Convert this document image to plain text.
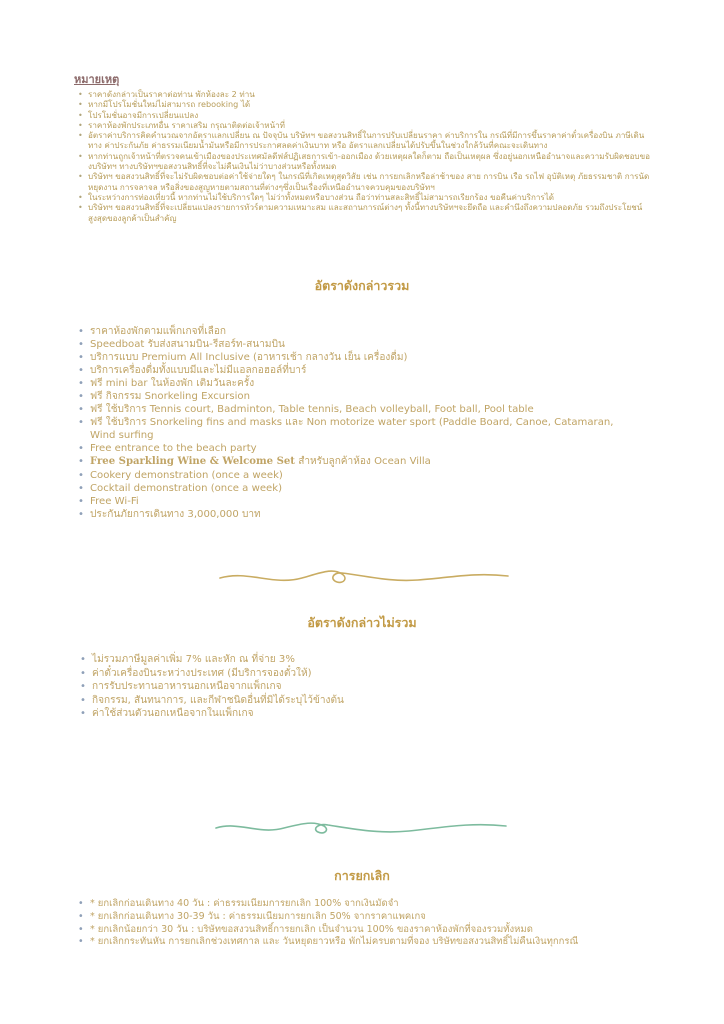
หมายเหตุ
• ราคาดังกล่าวเป็นราคาต่อท่าน พักห้องละ 2 ท่าน
• หากมีโปรโมชั่นใหม่ไม่สามารถ rebooking ได้
• โปรโมชั่นอาจมีการเปลี่ยนแปลง
• ราคาห้องพักประเภทอื่น ราคาเสริม กรุณาติดต่อเจ้าหน้าที่
• อัตราค่าบริการคิดคำนวณจากอัตราแลกเปลี่ยน ณ ปัจจุบัน บริษัทฯ ขอสงวนสิทธิ์ในการปรับเปลี่ยนราคา ค่าบริการใน กรณีที่มีการขึ้นราคาค่าตั๋วเครื่องบิน ภาษีเดินทาง ค่าประกันภัย ค่าธรรมเนียมน้ำมันหรือมีการประกาศลดค่าเงินบาท หรือ อัตราแลกเปลี่ยนได้ปรับขึ้นในช่วงใกล้วันที่คณะจะเดินทาง
• หากท่านถูกเจ้าหน้าที่ตรวจคนเข้าเมืองของประเทศมัลดีฟส์ปฏิเสธการเข้า-ออกเมือง ด้วยเหตุผลใดก็ตาม ถือเป็นเหตุผล ซึ่งอยู่นอกเหนืออำนาจและความรับผิดชอบของบริษัทฯ ทางบริษัทฯขอสงวนสิทธิ์ที่จะไม่คืนเงินไม่ว่าบางส่วนหรือทั้งหมด
• บริษัทฯ ขอสงวนสิทธิ์ที่จะไม่รับผิดชอบต่อค่าใช้จ่ายใดๆ ในกรณีที่เกิดเหตุสุดวิสัย เช่น การยกเลิกหรือล่าช้าของ สาย การบิน เรือ รถไฟ อุบัติเหตุ ภัยธรรมชาติ การนัดหยุดงาน การจลาจล หรือสิ่งของสูญหายตามสถานที่ต่างๆซึ่งเป็นเรื่องที่เหนืออำนาจควบคุมของบริษัทฯ
• ในระหว่างการท่องเที่ยวนี้ หากท่านไม่ใช้บริการใดๆ ไม่ว่าทั้งหมดหรือบางส่วน ถือว่าท่านสละสิทธิ์ไม่สามารถเรียกร้อง ขอคืนค่าบริการได้
• บริษัทฯ ขอสงวนสิทธิ์ที่จะเปลี่ยนแปลงรายการทัวร์ตามความเหมาะสม และสถานการณ์ต่างๆ ทั้งนี้ทางบริษัทฯจะยึดถือ และคำนึงถึงความปลอดภัย รวมถึงประโยชน์สูงสุดของลูกค้าเป็นสำคัญ
อัตราดังกล่าวรวม
• ราคาห้องพักตามแพ็กเกจที่เลือก
• Speedboat รับส่งสนามบิน-รีสอร์ท-สนามบิน
• บริการแบบ Premium All Inclusive (อาหารเช้า กลางวัน เย็น เครื่องดื่ม)
• บริการเครื่องดื่มทั้งแบบมีและไม่มีแอลกอฮอล์ที่บาร์
• ฟรี mini bar ในห้องพัก เติมวันละครั้ง
• ฟรี กิจกรรม Snorkeling Excursion
• ฟรี ใช้บริการ Tennis court, Badminton, Table tennis, Beach volleyball, Foot ball, Pool table
• ฟรี ใช้บริการ Snorkeling fins and masks และ Non motorize water sport (Paddle Board, Canoe, Catamaran, Wind surfing
• Free entrance to the beach party
• Free Sparkling Wine & Welcome Set สำหรับลูกค้าห้อง Ocean Villa
• Cookery demonstration (once a week)
• Cocktail demonstration (once a week)
• Free Wi-Fi
• ประกันภัยการเดินทาง 3,000,000 บาท
อัตราดังกล่าวไม่รวม
• ไม่รวมภาษีมูลค่าเพิ่ม 7% และหัก ณ ที่จ่าย 3%
• ค่าตั๋วเครื่องบินระหว่างประเทศ (มีบริการจองตั๋วให้)
• การรับประทานอาหารนอกเหนือจากแพ็กเกจ
• กิจกรรม, สันทนาการ, และกีฬาชนิดอื่นที่มิได้ระบุไว้ข้างต้น
• ค่าใช้ส่วนตัวนอกเหนือจากในแพ็กเกจ
การยกเลิก
• * ยกเลิกก่อนเดินทาง 40 วัน : ค่าธรรมเนียมการยกเลิก 100% จากเงินมัดจำ
• * ยกเลิกก่อนเดินทาง 30-39 วัน : ค่าธรรมเนียมการยกเลิก 50% จากราคาแพคเกจ
• * ยกเลิกน้อยกว่า 30 วัน : บริษัทขอสงวนสิทธิ์การยกเลิก เป็นจำนวน 100% ของราคาห้องพักที่จองรวมทั้งหมด
• * ยกเลิกกระทันหัน การยกเลิกช่วงเทศกาล และ วันหยุดยาวหรือ พักไม่ครบตามที่จอง บริษัทขอสงวนสิทธิ์ไม่คืนเงินทุกกรณี
